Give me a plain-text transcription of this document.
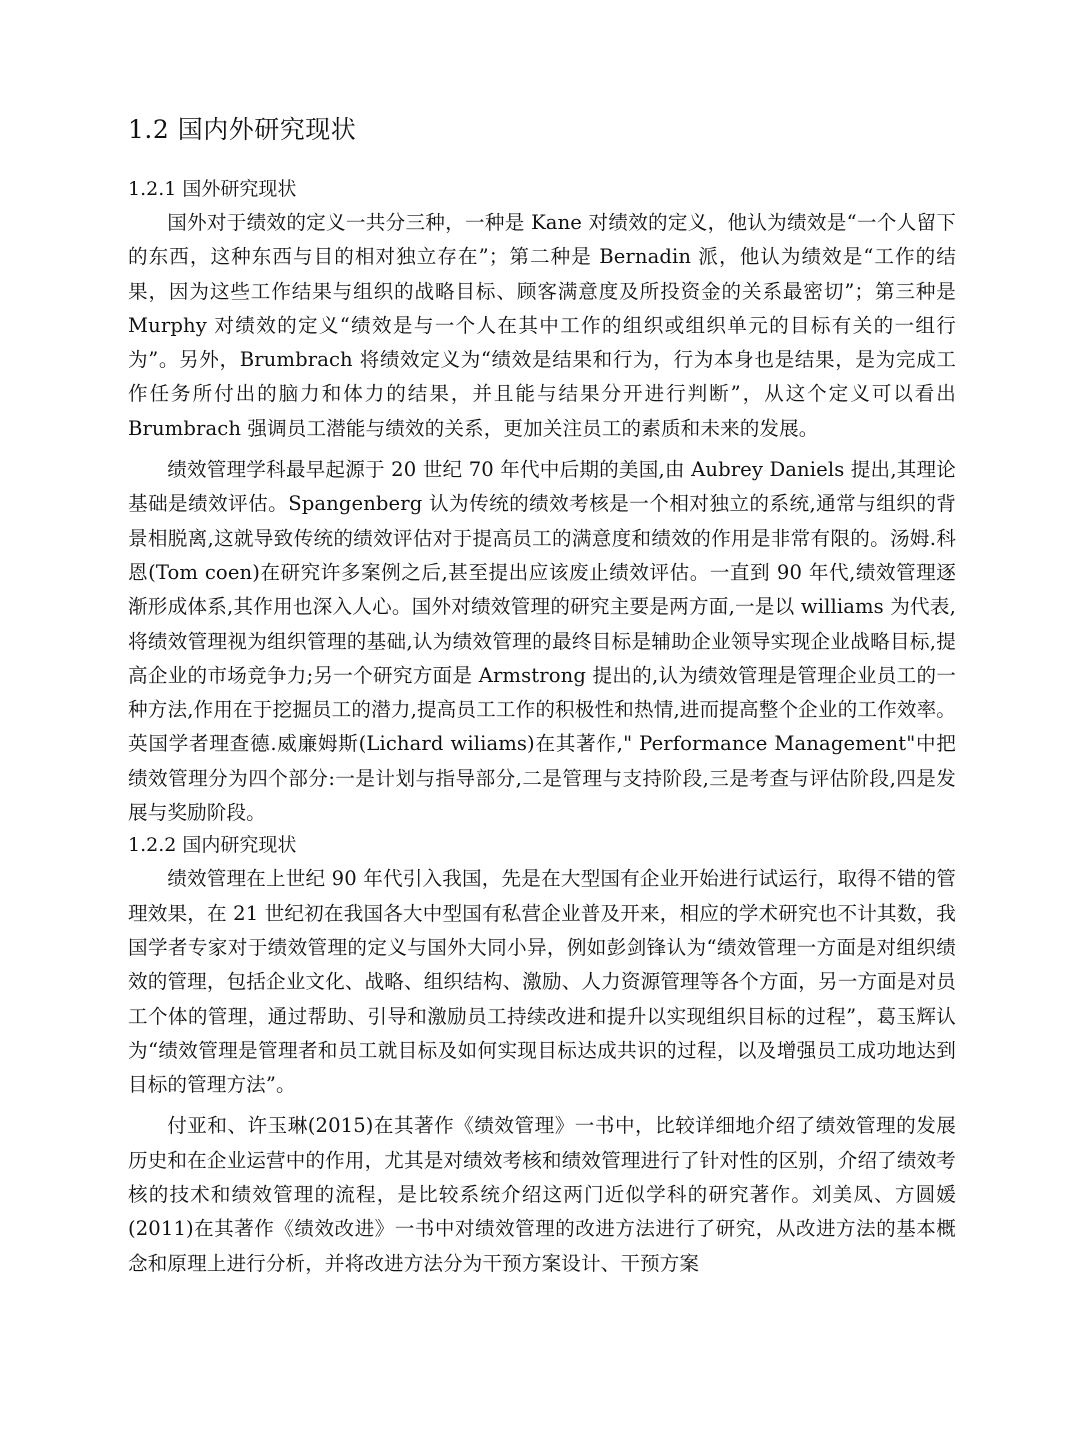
1.2 国内外研究现状
1.2.1 国外研究现状

国外对于绩效的定义一共分三种，一种是 Kane 对绩效的定义，他认为绩效是“一个人留下的东西，这种东西与目的相对独立存在”；第二种是 Bernadin 派，他认为绩效是“工作的结果，因为这些工作结果与组织的战略目标、顾客满意度及所投资金的关系最密切”；第三种是 Murphy 对绩效的定义“绩效是与一个人在其中工作的组织或组织单元的目标有关的一组行为”。另外，Brumbrach 将绩效定义为“绩效是结果和行为，行为本身也是结果，是为完成工作任务所付出的脑力和体力的结果，并且能与结果分开进行判断”，从这个定义可以看出 Brumbrach 强调员工潜能与绩效的关系，更加关注员工的素质和未来的发展。

绩效管理学科最早起源于 20 世纪 70 年代中后期的美国,由 Aubrey Daniels 提出,其理论基础是绩效评估。Spangenberg 认为传统的绩效考核是一个相对独立的系统,通常与组织的背景相脱离,这就导致传统的绩效评估对于提高员工的满意度和绩效的作用是非常有限的。汤姆.科恩(Tom coen)在研究许多案例之后,甚至提出应该废止绩效评估。一直到 90 年代,绩效管理逐渐形成体系,其作用也深入人心。国外对绩效管理的研究主要是两方面,一是以 williams 为代表,将绩效管理视为组织管理的基础,认为绩效管理的最终目标是辅助企业领导实现企业战略目标,提高企业的市场竞争力;另一个研究方面是 Armstrong 提出的,认为绩效管理是管理企业员工的一种方法,作用在于挖掘员工的潜力,提高员工工作的积极性和热情,进而提高整个企业的工作效率。英国学者理查德.威廉姆斯(Lichard wiliams)在其著作," Performance Management"中把绩效管理分为四个部分:一是计划与指导部分,二是管理与支持阶段,三是考查与评估阶段,四是发展与奖励阶段。

1.2.2 国内研究现状

绩效管理在上世纪 90 年代引入我国，先是在大型国有企业开始进行试运行，取得不错的管理效果，在 21 世纪初在我国各大中型国有私营企业普及开来，相应的学术研究也不计其数，我国学者专家对于绩效管理的定义与国外大同小异，例如彭剑锋认为“绩效管理一方面是对组织绩效的管理，包括企业文化、战略、组织结构、激励、人力资源管理等各个方面，另一方面是对员工个体的管理，通过帮助、引导和激励员工持续改进和提升以实现组织目标的过程”，葛玉辉认为“绩效管理是管理者和员工就目标及如何实现目标达成共识的过程，以及增强员工成功地达到目标的管理方法”。

付亚和、许玉琳(2015)在其著作《绩效管理》一书中，比较详细地介绍了绩效管理的发展历史和在企业运营中的作用，尤其是对绩效考核和绩效管理进行了针对性的区别，介绍了绩效考核的技术和绩效管理的流程，是比较系统介绍这两门近似学科的研究著作。刘美凤、方圆媛(2011)在其著作《绩效改进》一书中对绩效管理的改进方法进行了研究，从改进方法的基本概念和原理上进行分析，并将改进方法分为干预方案设计、干预方案
